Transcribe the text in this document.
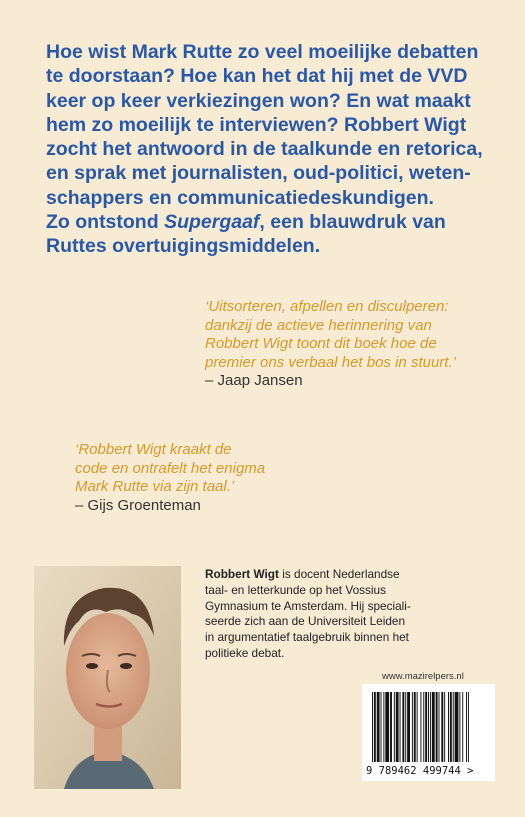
Hoe wist Mark Rutte zo veel moeilijke debatten
te doorstaan? Hoe kan het dat hij met de VVD
keer op keer verkiezingen won? En wat maakt
hem zo moeilijk te interviewen? Robbert Wigt
zocht het antwoord in de taalkunde en retorica,
en sprak met journalisten, oud-politici, weten-
schappers en communicatiedeskundigen.
Zo ontstond Supergaaf, een blauwdruk van
Ruttes overtuigingsmiddelen.
‘Uitsorteren, afpellen en disculperen:
dankzij de actieve herinnering van
Robbert Wigt toont dit boek hoe de
premier ons verbaal het bos in stuurt.’
– Jaap Jansen
‘Robbert Wigt kraakt de
code en ontrafelt het enigma
Mark Rutte via zijn taal.’
– Gijs Groenteman
Robbert Wigt is docent Nederlandse
taal- en letterkunde op het Vossius
Gymnasium te Amsterdam. Hij speciali-
seerde zich aan de Universiteit Leiden
in argumentatief taalgebruik binnen het
politieke debat.
www.mazirelpers.nl
9 789462 499744 >
